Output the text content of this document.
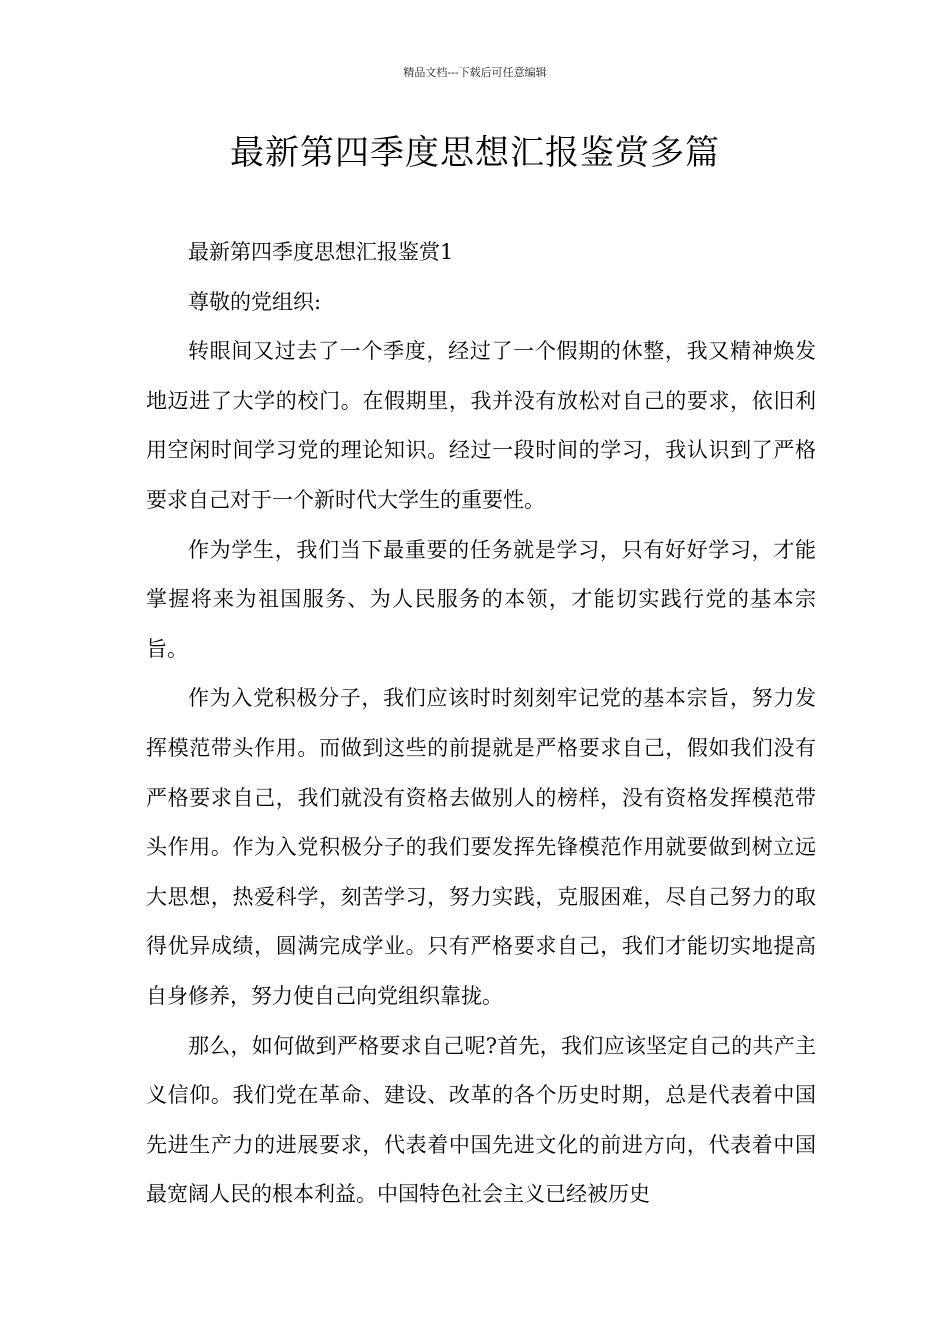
精品文档---下载后可任意编辑
最新第四季度思想汇报鉴赏多篇

最新第四季度思想汇报鉴赏1

尊敬的党组织:

转眼间又过去了一个季度，经过了一个假期的休整，我又精神焕发地迈进了大学的校门。在假期里，我并没有放松对自己的要求，依旧利用空闲时间学习党的理论知识。经过一段时间的学习，我认识到了严格要求自己对于一个新时代大学生的重要性。

作为学生，我们当下最重要的任务就是学习，只有好好学习，才能掌握将来为祖国服务、为人民服务的本领，才能切实践行党的基本宗旨。

作为入党积极分子，我们应该时时刻刻牢记党的基本宗旨，努力发挥模范带头作用。而做到这些的前提就是严格要求自己，假如我们没有严格要求自己，我们就没有资格去做别人的榜样，没有资格发挥模范带头作用。作为入党积极分子的我们要发挥先锋模范作用就要做到树立远大思想，热爱科学，刻苦学习，努力实践，克服困难，尽自己努力的取得优异成绩，圆满完成学业。只有严格要求自己，我们才能切实地提高自身修养，努力使自己向党组织靠拢。

那么，如何做到严格要求自己呢?首先，我们应该坚定自己的共产主义信仰。我们党在革命、建设、改革的各个历史时期，总是代表着中国先进生产力的进展要求，代表着中国先进文化的前进方向，代表着中国最宽阔人民的根本利益。中国特色社会主义已经被历史
